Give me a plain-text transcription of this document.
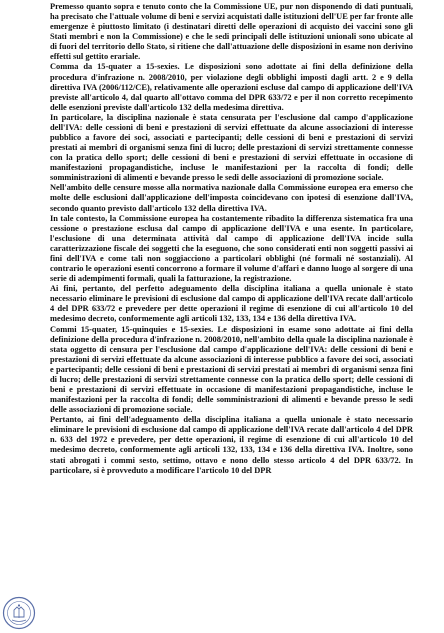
Premesso quanto sopra e tenuto conto che la Commissione UE, pur non disponendo di dati puntuali, ha precisato che l'attuale volume di beni e servizi acquistati dalle istituzioni dell'UE per far fronte alle emergenze è piuttosto limitato (i destinatari diretti delle operazioni di acquisto dei vaccini sono gli Stati membri e non la Commissione) e che le sedi principali delle istituzioni unionali sono ubicate al di fuori del territorio dello Stato, si ritiene che dall'attuazione delle disposizioni in esame non derivino effetti sul gettito erariale.

Comma da 15-quater a 15-sexies. Le disposizioni sono adottate ai fini della definizione della procedura d'infrazione n. 2008/2010, per violazione degli obblighi imposti dagli artt. 2 e 9 della direttiva IVA (2006/112/CE), relativamente alle operazioni escluse dal campo di applicazione dell'IVA previste all'articolo 4, dal quarto all'ottavo comma del DPR 633/72 e per il non corretto recepimento delle esenzioni previste dall'articolo 132 della medesima direttiva.

In particolare, la disciplina nazionale è stata censurata per l'esclusione dal campo d'applicazione dell'IVA: delle cessioni di beni e prestazioni di servizi effettuate da alcune associazioni di interesse pubblico a favore dei soci, associati e partecipanti; delle cessioni di beni e prestazioni di servizi prestati ai membri di organismi senza fini di lucro; delle prestazioni di servizi strettamente connesse con la pratica dello sport; delle cessioni di beni e prestazioni di servizi effettuate in occasione di manifestazioni propagandistiche, incluse le manifestazioni per la raccolta di fondi; delle somministrazioni di alimenti e bevande presso le sedi delle associazioni di promozione sociale.

Nell'ambito delle censure mosse alla normativa nazionale dalla Commissione europea era emerso che molte delle esclusioni dall'applicazione dell'imposta coincidevano con ipotesi di esenzione dall'IVA, secondo quanto previsto dall'articolo 132 della direttiva IVA.

In tale contesto, la Commissione europea ha costantemente ribadito la differenza sistematica fra una cessione o prestazione esclusa dal campo di applicazione dell'IVA e una esente. In particolare, l'esclusione di una determinata attività dal campo di applicazione dell'IVA incide sulla caratterizzazione fiscale dei soggetti che la eseguono, che sono considerati enti non soggetti passivi ai fini dell'IVA e come tali non soggiacciono a particolari obblighi (né formali né sostanziali). Al contrario le operazioni esenti concorrono a formare il volume d'affari e danno luogo al sorgere di una serie di adempimenti formali, quali la fatturazione, la registrazione.

Ai fini, pertanto, del perfetto adeguamento della disciplina italiana a quella unionale è stato necessario eliminare le previsioni di esclusione dal campo di applicazione dell'IVA recate dall'articolo 4 del DPR 633/72 e prevedere per dette operazioni il regime di esenzione di cui all'articolo 10 del medesimo decreto, conformemente agli articoli 132, 133, 134 e 136 della direttiva IVA.

Commi 15-quater, 15-quinquies e 15-sexies. Le disposizioni in esame sono adottate ai fini della definizione della procedura d'infrazione n. 2008/2010, nell'ambito della quale la disciplina nazionale è stata oggetto di censura per l'esclusione dal campo d'applicazione dell'IVA: delle cessioni di beni e prestazioni di servizi effettuate da alcune associazioni di interesse pubblico a favore dei soci, associati e partecipanti; delle cessioni di beni e prestazioni di servizi prestati ai membri di organismi senza fini di lucro; delle prestazioni di servizi strettamente connesse con la pratica dello sport; delle cessioni di beni e prestazioni di servizi effettuate in occasione di manifestazioni propagandistiche, incluse le manifestazioni per la raccolta di fondi; delle somministrazioni di alimenti e bevande presso le sedi delle associazioni di promozione sociale.

Pertanto, ai fini dell'adeguamento della disciplina italiana a quella unionale è stato necessario eliminare le previsioni di esclusione dal campo di applicazione dell'IVA recate dall'articolo 4 del DPR n. 633 del 1972 e prevedere, per dette operazioni, il regime di esenzione di cui all'articolo 10 del medesimo decreto, conformemente agli articoli 132, 133, 134 e 136 della direttiva IVA. Inoltre, sono stati abrogati i commi sesto, settimo, ottavo e nono dello stesso articolo 4 del DPR 633/72. In particolare, si è provveduto a modificare l'articolo 10 del DPR
